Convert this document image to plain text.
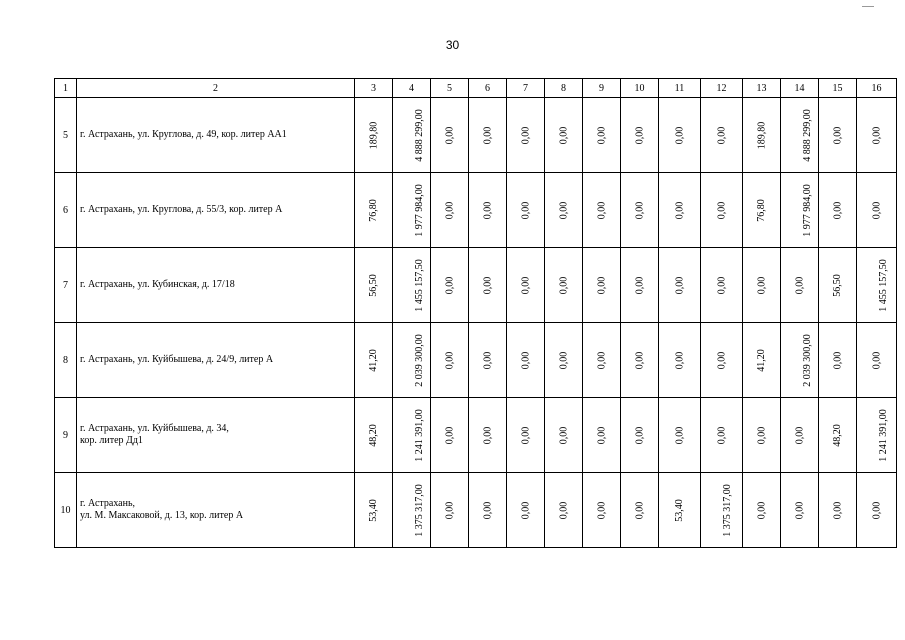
30
1	2	3	4	5	6	7	8	9	10	11	12	13	14	15	16
5	г. Астрахань, ул. Круглова, д. 49, кор. литер АА1	189,80	4 888 299,00	0,00	0,00	0,00	0,00	0,00	0,00	0,00	0,00	189,80	4 888 299,00	0,00	0,00
6	г. Астрахань, ул. Круглова, д. 55/3, кор. литер А	76,80	1 977 984,00	0,00	0,00	0,00	0,00	0,00	0,00	0,00	0,00	76,80	1 977 984,00	0,00	0,00
7	г. Астрахань, ул. Кубинская, д. 17/18	56,50	1 455 157,50	0,00	0,00	0,00	0,00	0,00	0,00	0,00	0,00	0,00	0,00	56,50	1 455 157,50
8	г. Астрахань, ул. Куйбышева, д. 24/9, литер А	41,20	2 039 300,00	0,00	0,00	0,00	0,00	0,00	0,00	0,00	0,00	41,20	2 039 300,00	0,00	0,00
9	г. Астрахань, ул. Куйбышева, д. 34,
кор. литер Дд1	48,20	1 241 391,00	0,00	0,00	0,00	0,00	0,00	0,00	0,00	0,00	0,00	0,00	48,20	1 241 391,00
10	г. Астрахань,
ул. М. Максаковой, д. 13, кор. литер А	53,40	1 375 317,00	0,00	0,00	0,00	0,00	0,00	0,00	53,40	1 375 317,00	0,00	0,00	0,00	0,00
